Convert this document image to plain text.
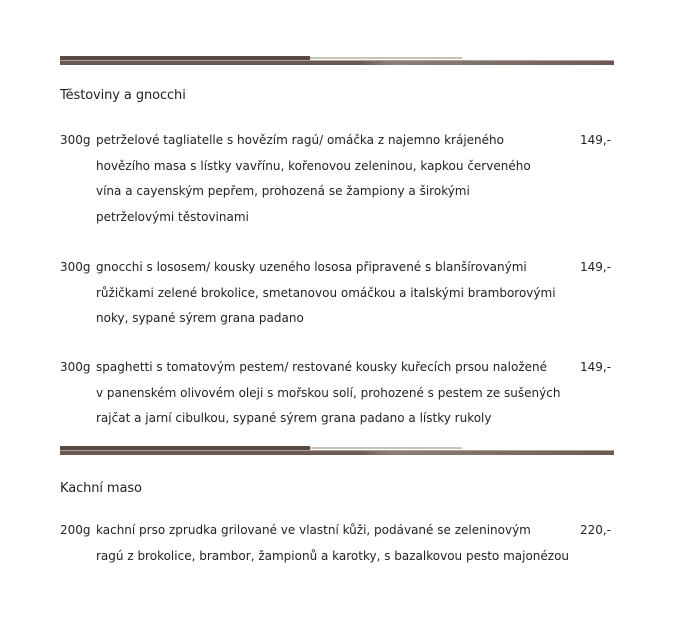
Těstoviny a gnocchi
300g petrželové tagliatelle s hovězím ragú/ omáčka z najemno krájeného
hovězího masa s lístky vavřínu, kořenovou zeleninou, kapkou červeného
vína a cayenským pepřem, prohozená se žampiony a širokými
petrželovými těstovinami
149,-
300g gnocchi s lososem/ kousky uzeného lososa připravené s blanšírovanými
růžičkami zelené brokolice, smetanovou omáčkou a italskými bramborovými
noky, sypané sýrem grana padano
149,-
300g spaghetti s tomatovým pestem/ restované kousky kuřecích prsou naložené
v panenském olivovém oleji s mořskou solí, prohozené s pestem ze sušených
rajčat a jarní cibulkou, sypané sýrem grana padano a lístky rukoly
149,-
Kachní maso
200g kachní prso zprudka grilované ve vlastní kůži, podávané se zeleninovým
ragú z brokolice, brambor, žampionů a karotky, s bazalkovou pesto majonézou
220,-
